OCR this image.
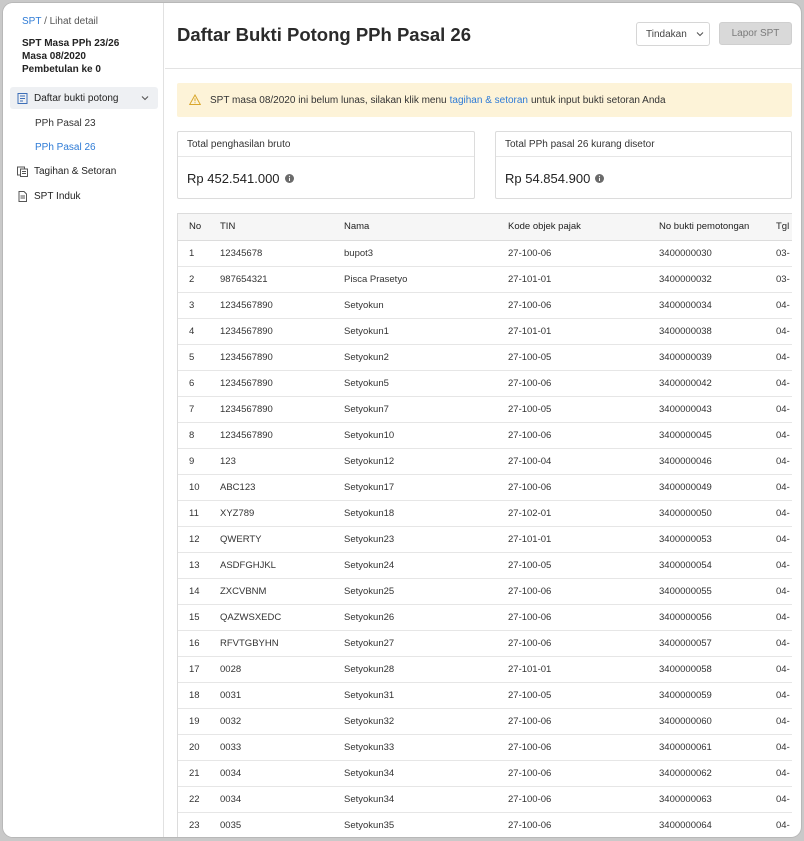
SPT / Lihat detail
SPT Masa PPh 23/26
Masa 08/2020
Pembetulan ke 0
Daftar bukti potong
PPh Pasal 23
PPh Pasal 26
Tagihan & Setoran
SPT Induk
Daftar Bukti Potong PPh Pasal 26	Tindakan	Lapor SPT
SPT masa 08/2020 ini belum lunas, silakan klik menu tagihan & setoran untuk input bukti setoran Anda
Total penghasilan bruto
Rp 452.541.000
Total PPh pasal 26 kurang disetor
Rp 54.854.900
No	TIN	Nama	Kode objek pajak	No bukti pemotongan	Tgl
1	12345678	bupot3	27-100-06	3400000030	03-
2	987654321	Pisca Prasetyo	27-101-01	3400000032	03-
3	1234567890	Setyokun	27-100-06	3400000034	04-
4	1234567890	Setyokun1	27-101-01	3400000038	04-
5	1234567890	Setyokun2	27-100-05	3400000039	04-
6	1234567890	Setyokun5	27-100-06	3400000042	04-
7	1234567890	Setyokun7	27-100-05	3400000043	04-
8	1234567890	Setyokun10	27-100-06	3400000045	04-
9	123	Setyokun12	27-100-04	3400000046	04-
10	ABC123	Setyokun17	27-100-06	3400000049	04-
11	XYZ789	Setyokun18	27-102-01	3400000050	04-
12	QWERTY	Setyokun23	27-101-01	3400000053	04-
13	ASDFGHJKL	Setyokun24	27-100-05	3400000054	04-
14	ZXCVBNM	Setyokun25	27-100-06	3400000055	04-
15	QAZWSXEDC	Setyokun26	27-100-06	3400000056	04-
16	RFVTGBYHN	Setyokun27	27-100-06	3400000057	04-
17	0028	Setyokun28	27-101-01	3400000058	04-
18	0031	Setyokun31	27-100-05	3400000059	04-
19	0032	Setyokun32	27-100-06	3400000060	04-
20	0033	Setyokun33	27-100-06	3400000061	04-
21	0034	Setyokun34	27-100-06	3400000062	04-
22	0034	Setyokun34	27-100-06	3400000063	04-
23	0035	Setyokun35	27-100-06	3400000064	04-
